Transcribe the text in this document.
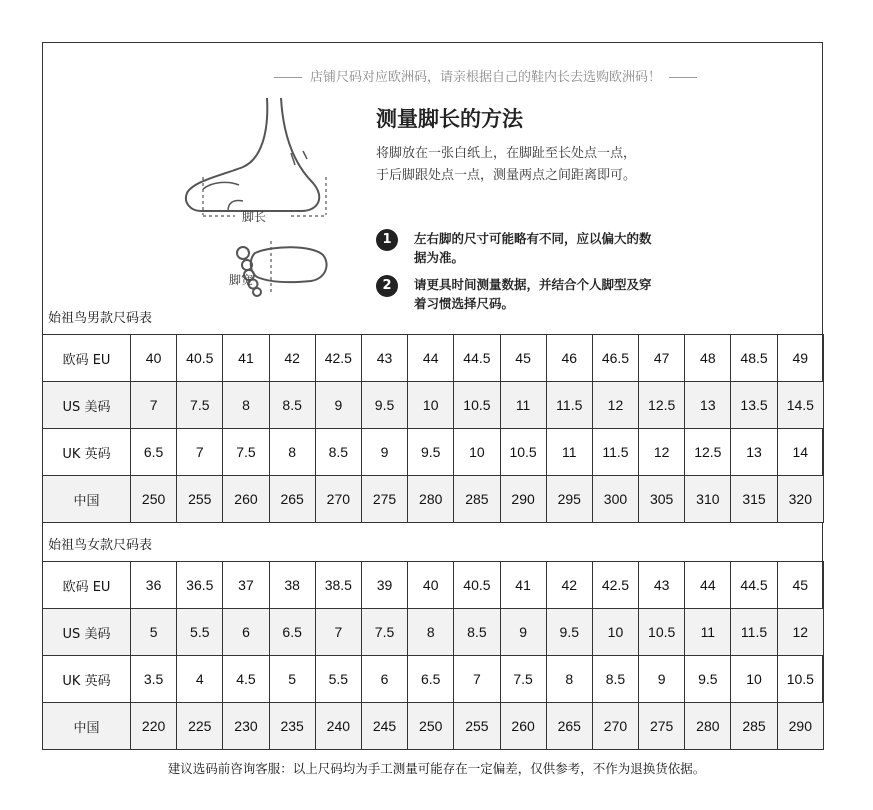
店铺尺码对应欧洲码，请亲根据自己的鞋内长去选购欧洲码！
脚长
脚宽
测量脚长的方法
将脚放在一张白纸上，在脚趾至长处点一点，
于后脚跟处点一点，测量两点之间距离即可。
1	左右脚的尺寸可能略有不同，应以偏大的数
据为准。
2	请更具时间测量数据，并结合个人脚型及穿
着习惯选择尺码。
始祖鸟男款尺码表
欧码 EU	40	40.5	41	42	42.5	43	44	44.5	45	46	46.5	47	48	48.5	49
US 美码	7	7.5	8	8.5	9	9.5	10	10.5	11	11.5	12	12.5	13	13.5	14.5
UK 英码	6.5	7	7.5	8	8.5	9	9.5	10	10.5	11	11.5	12	12.5	13	14
中国	250	255	260	265	270	275	280	285	290	295	300	305	310	315	320
始祖鸟女款尺码表
欧码 EU	36	36.5	37	38	38.5	39	40	40.5	41	42	42.5	43	44	44.5	45
US 美码	5	5.5	6	6.5	7	7.5	8	8.5	9	9.5	10	10.5	11	11.5	12
UK 英码	3.5	4	4.5	5	5.5	6	6.5	7	7.5	8	8.5	9	9.5	10	10.5
中国	220	225	230	235	240	245	250	255	260	265	270	275	280	285	290
建议选码前咨询客服：以上尺码均为手工测量可能存在一定偏差，仅供参考，不作为退换货依据。
